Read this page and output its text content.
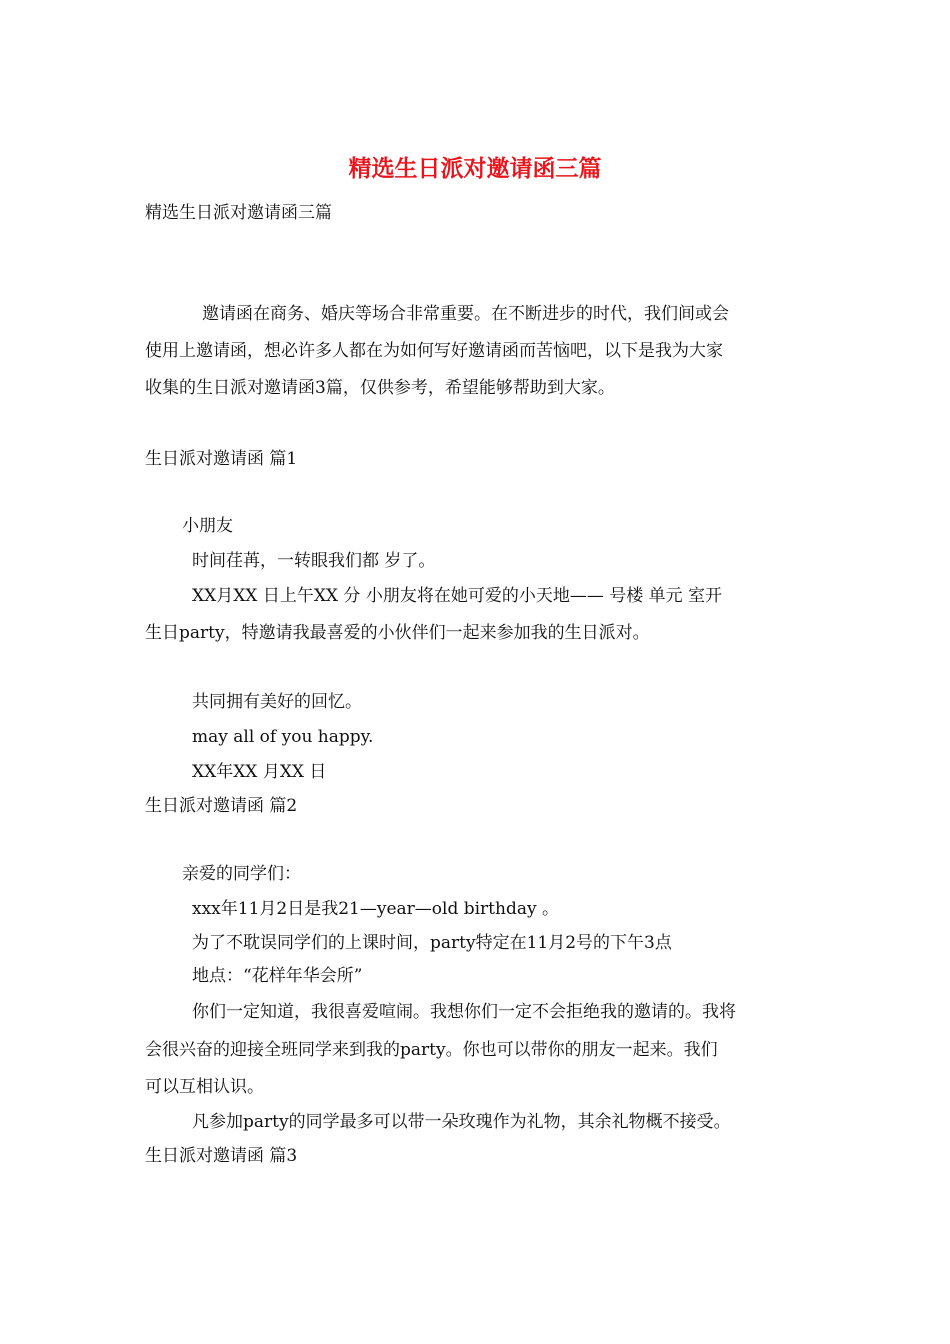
精选生日派对邀请函三篇
精选生日派对邀请函三篇
邀请函在商务、婚庆等场合非常重要。在不断进步的时代，我们间或会
使用上邀请函，想必许多人都在为如何写好邀请函而苦恼吧，以下是我为大家
收集的生日派对邀请函3篇，仅供参考，希望能够帮助到大家。
生日派对邀请函 篇1
小朋友
时间荏苒，一转眼我们都 岁了。
XX月XX 日上午XX 分 小朋友将在她可爱的小天地—— 号楼 单元 室开
生日party，特邀请我最喜爱的小伙伴们一起来参加我的生日派对。
共同拥有美好的回忆。
may all of you happy.
XX年XX 月XX 日
生日派对邀请函 篇2
亲爱的同学们：
xxx年11月2日是我21—year—old birthday 。
为了不耽误同学们的上课时间，party特定在11月2号的下午3点
地点：“花样年华会所”
你们一定知道，我很喜爱喧闹。我想你们一定不会拒绝我的邀请的。我将
会很兴奋的迎接全班同学来到我的party。你也可以带你的朋友一起来。我们
可以互相认识。
凡参加party的同学最多可以带一朵玫瑰作为礼物，其余礼物概不接受。
生日派对邀请函 篇3
